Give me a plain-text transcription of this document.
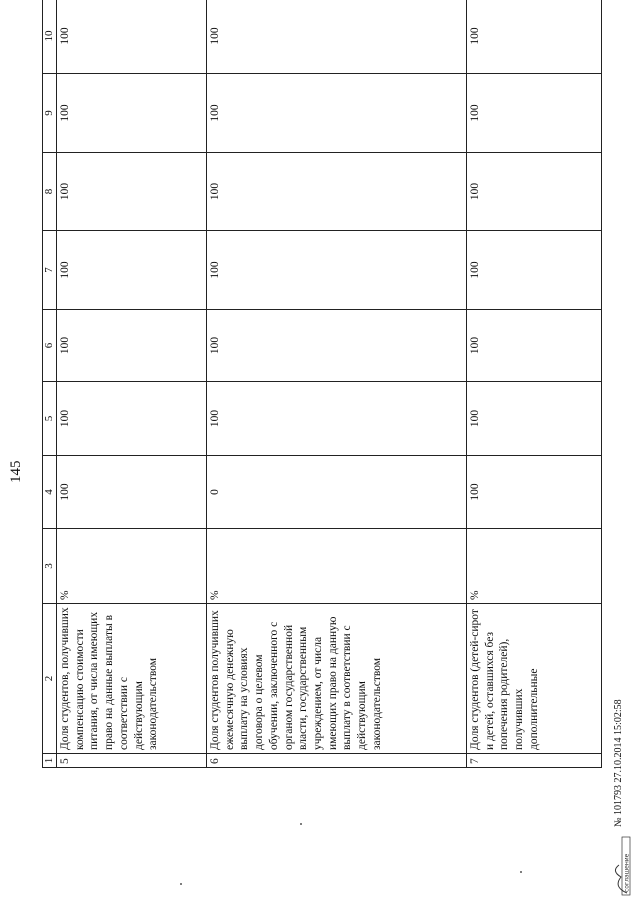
145
1	2	3	4	5	6	7	8	9	10
5	Доля студентов, получивших компенсацию стоимости питания, от числа имеющих право на данные выплаты в соответствии с действующим законодательством	%	100	100	100	100	100	100	100
6	Доля студентов получивших ежемесячную денежную выплату на условиях договора о целевом обучении, заключенного с органом государственной власти, государственным учреждением, от числа имеющих право на данную выплату в соответствии с действующим законодательством	%	0	100	100	100	100	100	100
7	Доля студентов (детей-сирот и детей, оставшихся без попечения родителей), получивших дополнительные	%	100	100	100	100	100	100	100
соглашение
№ 101793 27.10.2014 15:02:58
